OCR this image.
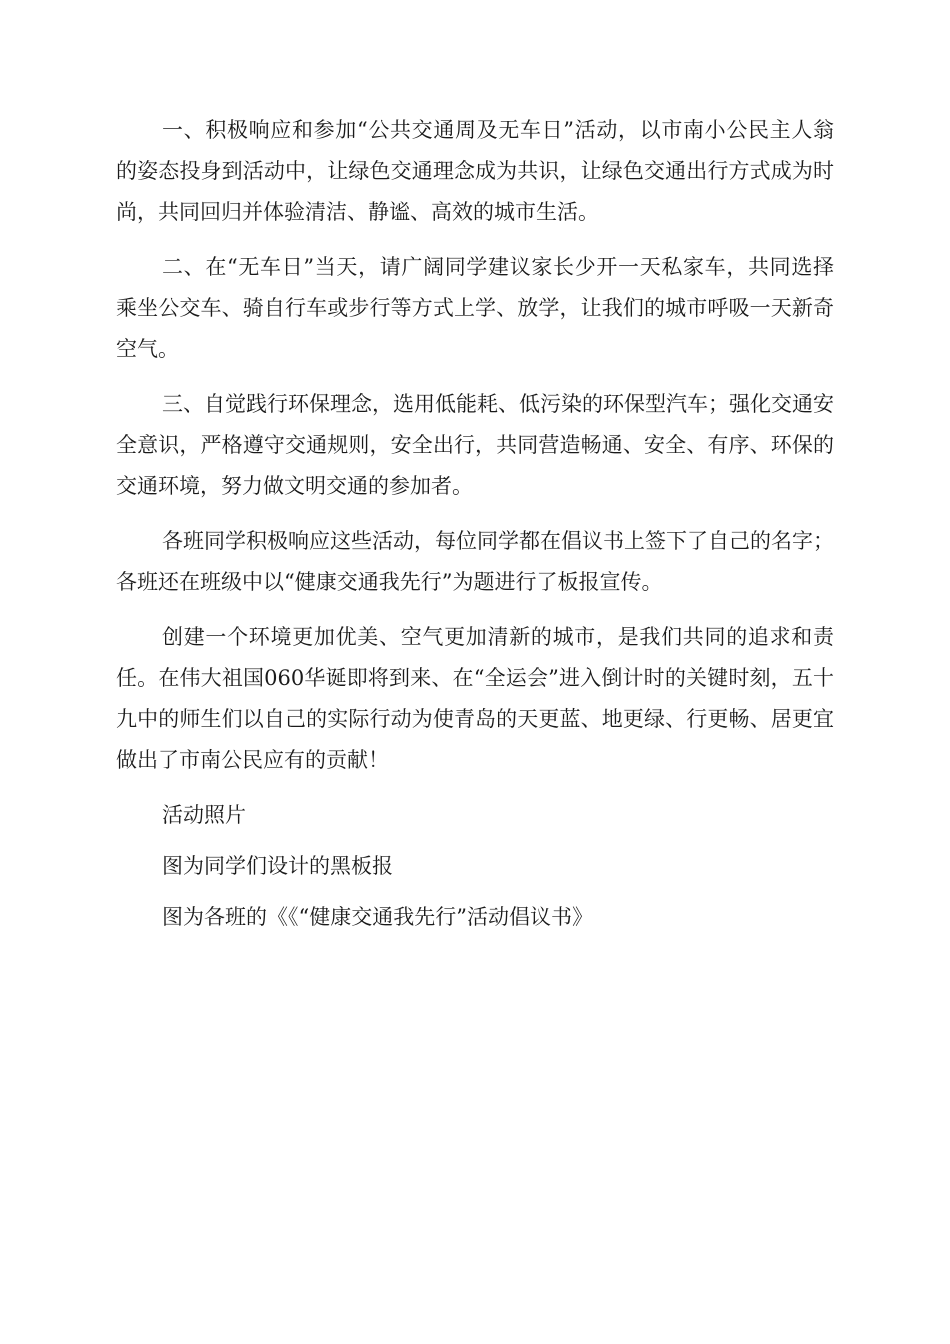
一、积极响应和参加“公共交通周及无车日”活动，以市南小公民主人翁的姿态投身到活动中，让绿色交通理念成为共识，让绿色交通出行方式成为时尚，共同回归并体验清洁、静谧、高效的城市生活。

二、在“无车日”当天，请广阔同学建议家长少开一天私家车，共同选择乘坐公交车、骑自行车或步行等方式上学、放学，让我们的城市呼吸一天新奇空气。

三、自觉践行环保理念，选用低能耗、低污染的环保型汽车；强化交通安全意识，严格遵守交通规则，安全出行，共同营造畅通、安全、有序、环保的交通环境，努力做文明交通的参加者。

各班同学积极响应这些活动，每位同学都在倡议书上签下了自己的名字；各班还在班级中以“健康交通我先行”为题进行了板报宣传。

创建一个环境更加优美、空气更加清新的城市，是我们共同的追求和责任。在伟大祖国060华诞即将到来、在“全运会”进入倒计时的关键时刻，五十九中的师生们以自己的实际行动为使青岛的天更蓝、地更绿、行更畅、居更宜做出了市南公民应有的贡献！

活动照片

图为同学们设计的黑板报

图为各班的《《“健康交通我先行”活动倡议书》
